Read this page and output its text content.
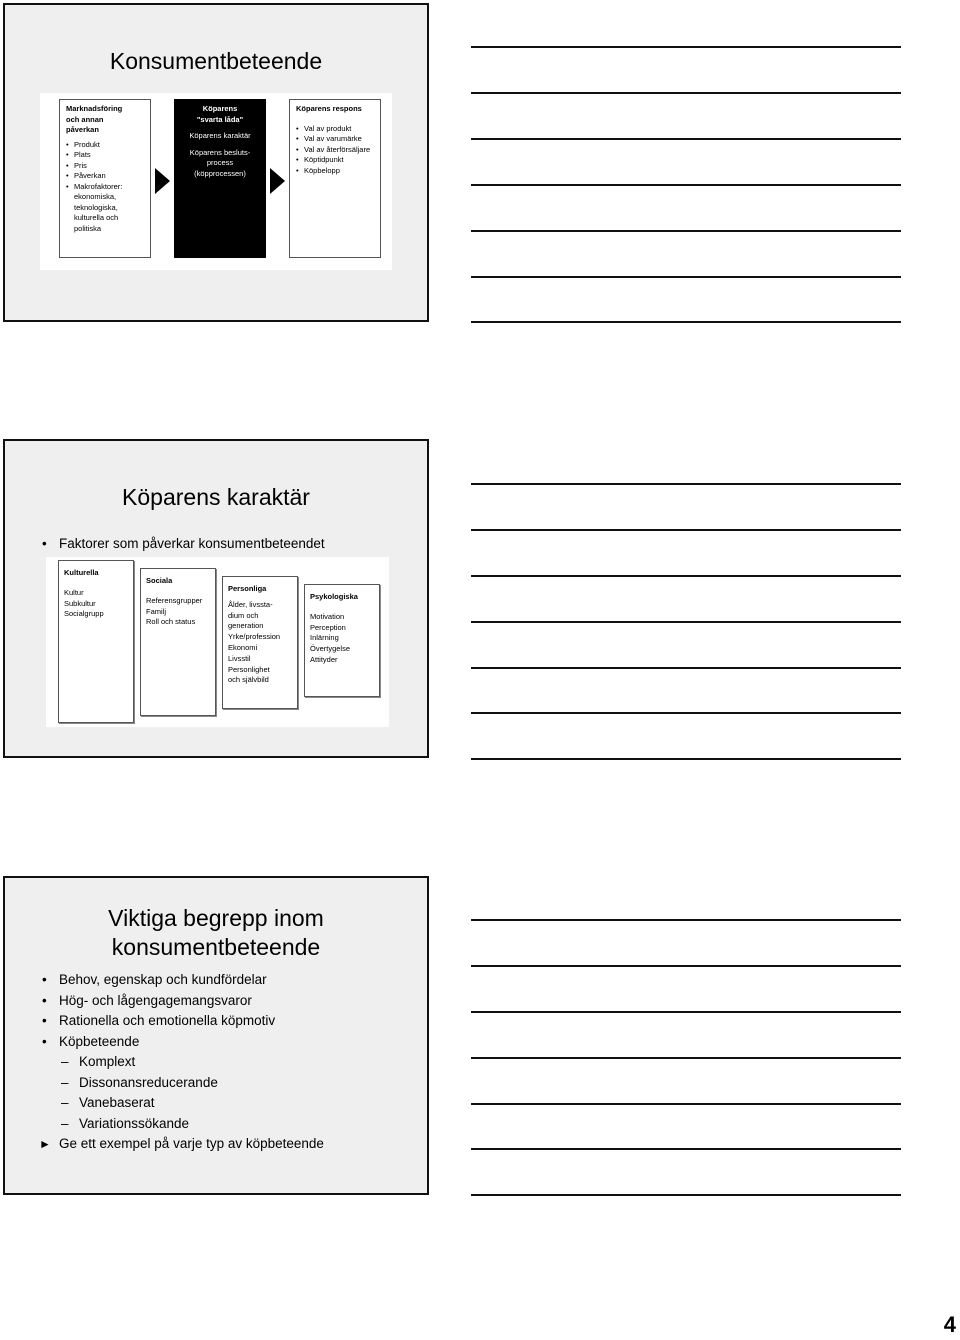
Konsumentbeteende
Marknadsföring och annan påverkan
• Produkt
• Plats
• Pris
• Påverkan
• Makrofaktorer:
ekonomiska,
teknologiska,
kulturella och
politiska
Köparens "svarta låda"
Köparens karaktär
Köparens besluts- process (köpprocessen)
Köparens respons
• Val av produkt
• Val av varumärke
• Val av återförsäljare
• Köptidpunkt
• Köpbelopp
Köparens karaktär
• Faktorer som påverkar konsumentbeteendet
Kulturella
Kultur
Subkultur
Socialgrupp
Sociala
Referensgrupper
Familj
Roll och status
Personliga
Ålder, livssta-
dium och
generation
Yrke/profession
Ekonomi
Livsstil
Personlighet
och självbild
Psykologiska
Motivation
Perception
Inlärning
Övertygelse
Attityder
Viktiga begrepp inom
konsumentbeteende
• Behov, egenskap och kundfördelar
• Hög- och lågengagemangsvaror
• Rationella och emotionella köpmotiv
• Köpbeteende
– Komplext
– Dissonansreducerande
– Vanebaserat
– Variationssökande
► Ge ett exempel på varje typ av köpbeteende
4
